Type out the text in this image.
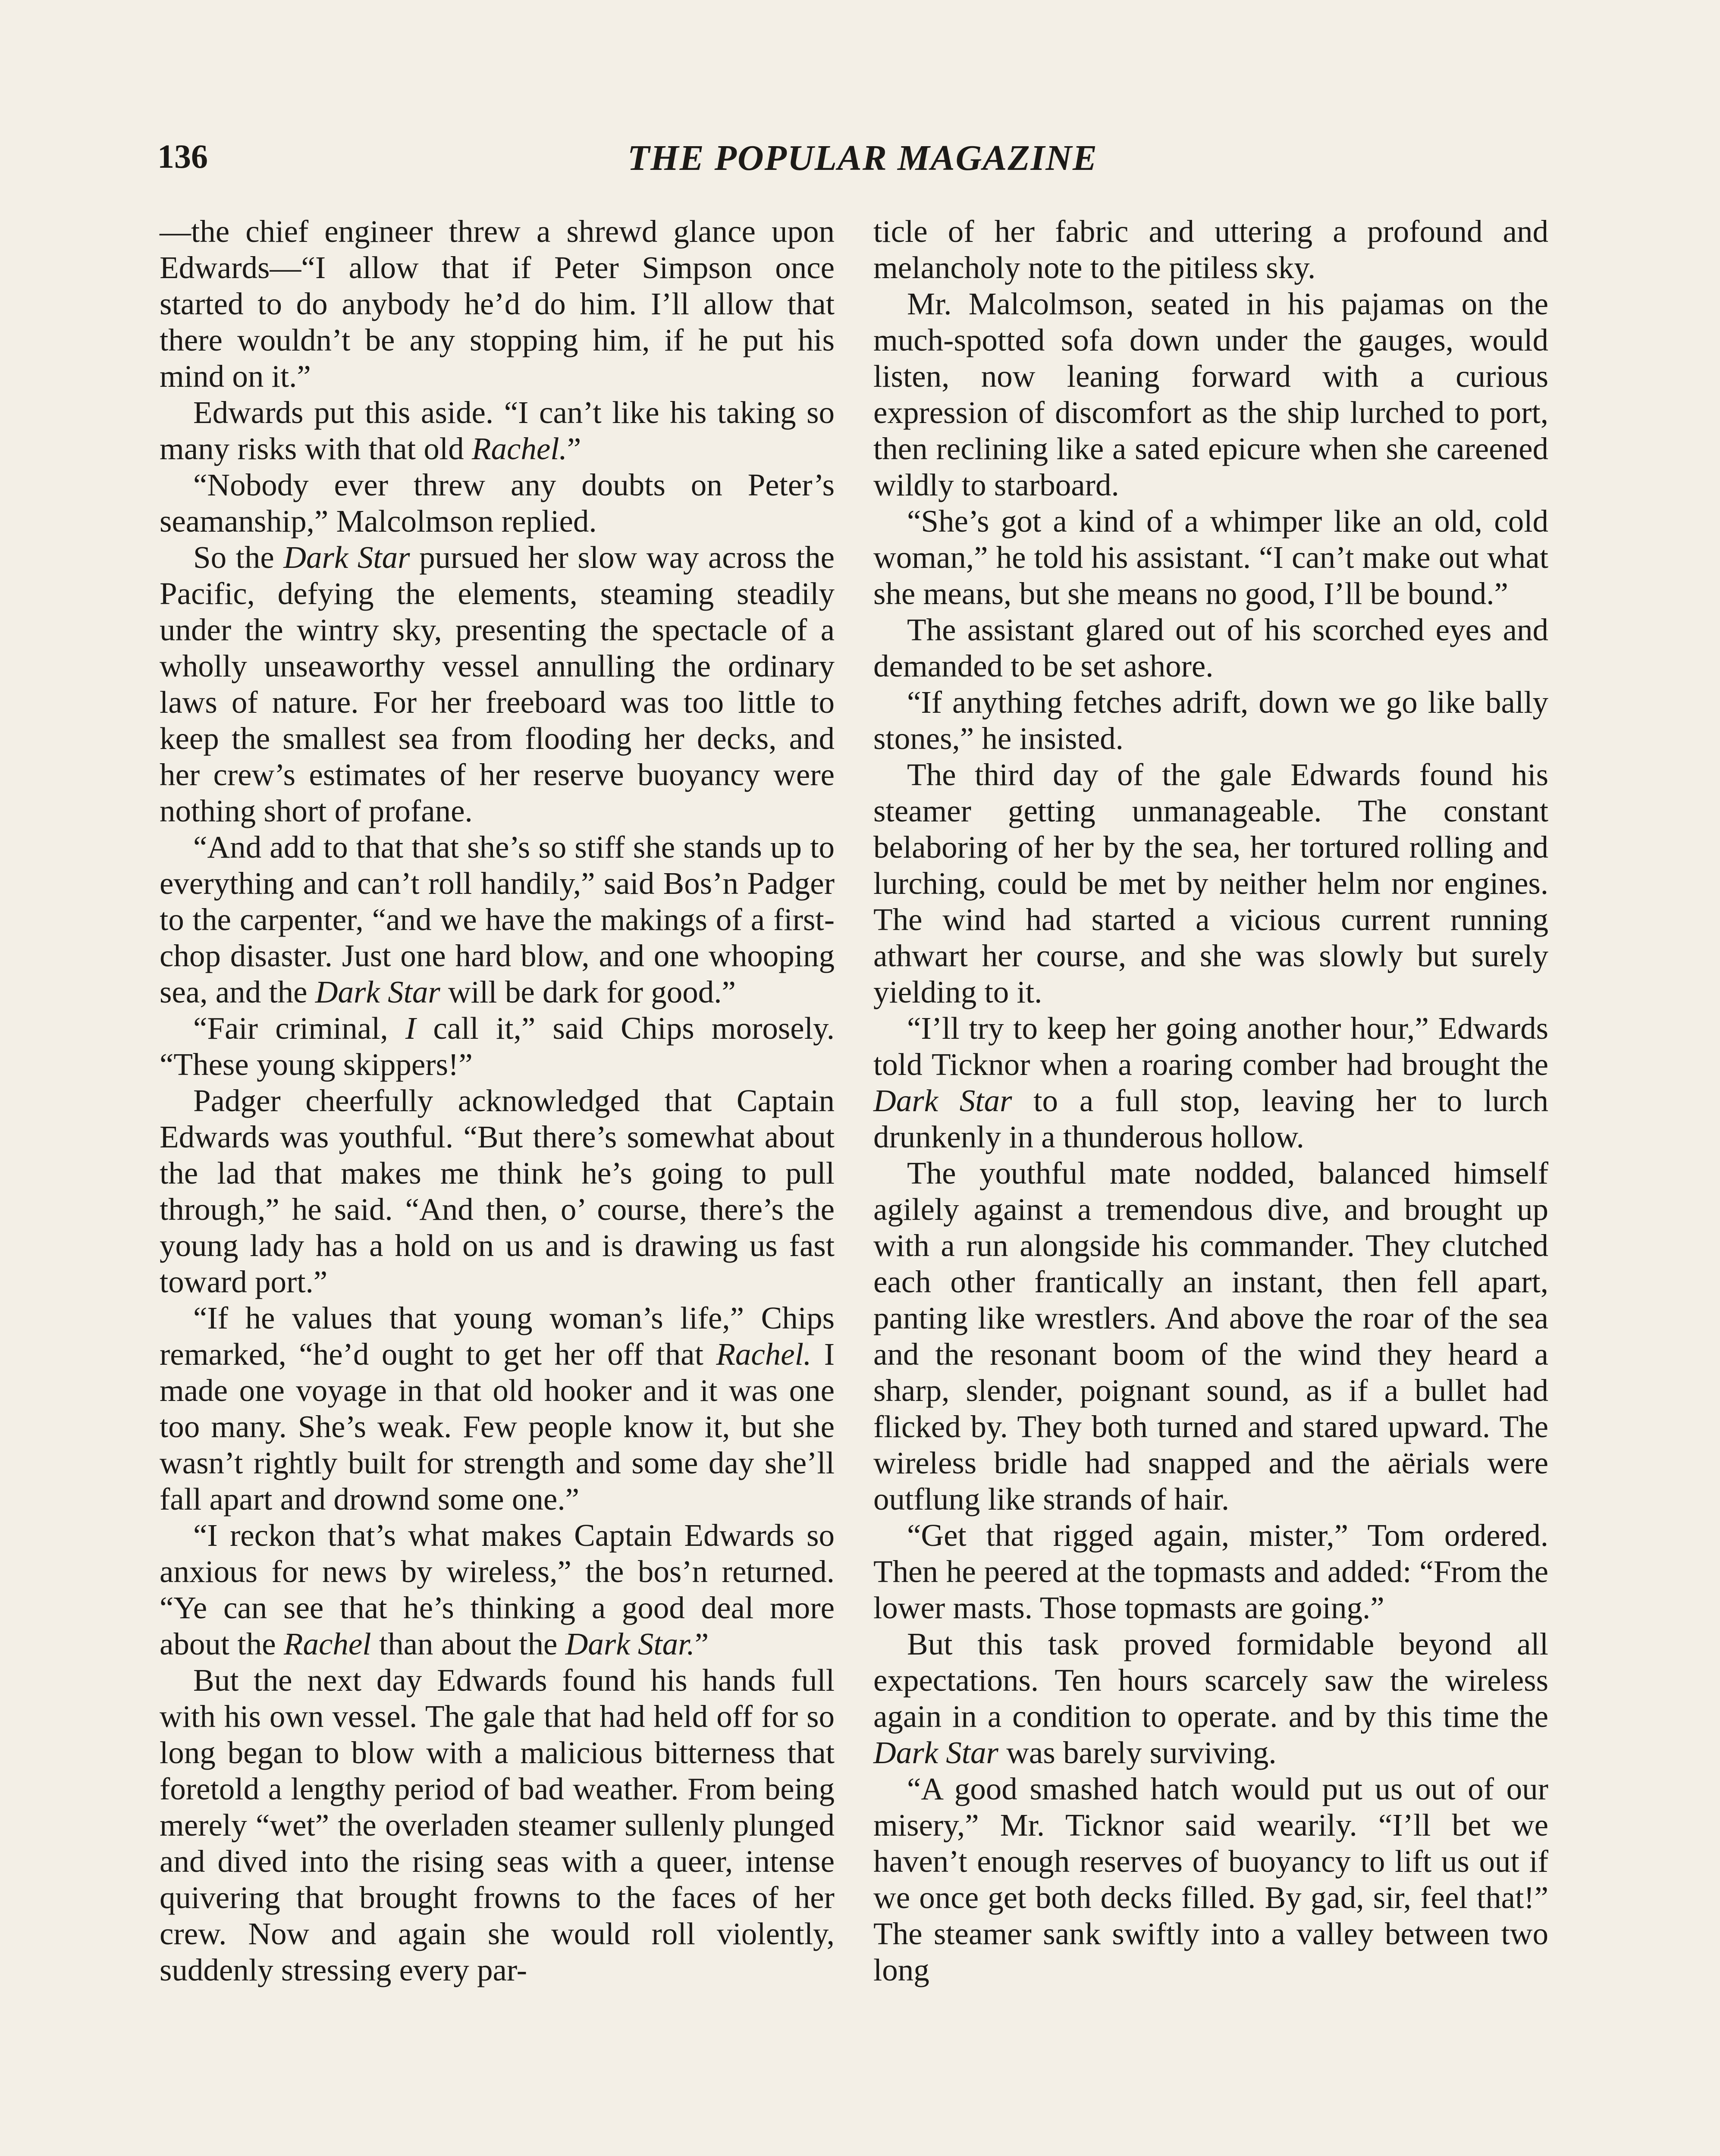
136	THE POPULAR MAGAZINE

—the chief engineer threw a shrewd glance upon Edwards—“I allow that if Peter Simpson once started to do anybody he’d do him. I’ll allow that there wouldn’t be any stopping him, if he put his mind on it.”

Edwards put this aside. “I can’t like his taking so many risks with that old Rachel.”

“Nobody ever threw any doubts on Peter’s seamanship,” Malcolmson replied.

So the Dark Star pursued her slow way across the Pacific, defying the elements, steaming steadily under the wintry sky, presenting the spectacle of a wholly unseaworthy vessel annulling the ordinary laws of nature. For her freeboard was too little to keep the smallest sea from flooding her decks, and her crew’s estimates of her reserve buoyancy were nothing short of profane.

“And add to that that she’s so stiff she stands up to everything and can’t roll handily,” said Bos’n Padger to the carpenter, “and we have the makings of a first-chop disaster. Just one hard blow, and one whooping sea, and the Dark Star will be dark for good.”

“Fair criminal, I call it,” said Chips morosely. “These young skippers!”

Padger cheerfully acknowledged that Captain Edwards was youthful. “But there’s somewhat about the lad that makes me think he’s going to pull through,” he said. “And then, o’ course, there’s the young lady has a hold on us and is drawing us fast toward port.”

“If he values that young woman’s life,” Chips remarked, “he’d ought to get her off that Rachel. I made one voyage in that old hooker and it was one too many. She’s weak. Few people know it, but she wasn’t rightly built for strength and some day she’ll fall apart and drownd some one.”

“I reckon that’s what makes Captain Edwards so anxious for news by wireless,” the bos’n returned. “Ye can see that he’s thinking a good deal more about the Rachel than about the Dark Star.”

But the next day Edwards found his hands full with his own vessel. The gale that had held off for so long began to blow with a malicious bitterness that foretold a lengthy period of bad weather. From being merely “wet” the overladen steamer sullenly plunged and dived into the rising seas with a queer, intense quivering that brought frowns to the faces of her crew. Now and again she would roll violently, suddenly stressing every par-

ticle of her fabric and uttering a profound and melancholy note to the pitiless sky.

Mr. Malcolmson, seated in his pajamas on the much-spotted sofa down under the gauges, would listen, now leaning forward with a curious expression of discomfort as the ship lurched to port, then reclining like a sated epicure when she careened wildly to starboard.

“She’s got a kind of a whimper like an old, cold woman,” he told his assistant. “I can’t make out what she means, but she means no good, I’ll be bound.”

The assistant glared out of his scorched eyes and demanded to be set ashore.

“If anything fetches adrift, down we go like bally stones,” he insisted.

The third day of the gale Edwards found his steamer getting unmanageable. The constant belaboring of her by the sea, her tortured rolling and lurching, could be met by neither helm nor engines. The wind had started a vicious current running athwart her course, and she was slowly but surely yielding to it.

“I’ll try to keep her going another hour,” Edwards told Ticknor when a roaring comber had brought the Dark Star to a full stop, leaving her to lurch drunkenly in a thunderous hollow.

The youthful mate nodded, balanced himself agilely against a tremendous dive, and brought up with a run alongside his commander. They clutched each other frantically an instant, then fell apart, panting like wrestlers. And above the roar of the sea and the resonant boom of the wind they heard a sharp, slender, poignant sound, as if a bullet had flicked by. They both turned and stared upward. The wireless bridle had snapped and the aërials were outflung like strands of hair.

“Get that rigged again, mister,” Tom ordered. Then he peered at the topmasts and added: “From the lower masts. Those topmasts are going.”

But this task proved formidable beyond all expectations. Ten hours scarcely saw the wireless again in a condition to operate. and by this time the Dark Star was barely surviving.

“A good smashed hatch would put us out of our misery,” Mr. Ticknor said wearily. “I’ll bet we haven’t enough reserves of buoyancy to lift us out if we once get both decks filled. By gad, sir, feel that!” The steamer sank swiftly into a valley between two long
